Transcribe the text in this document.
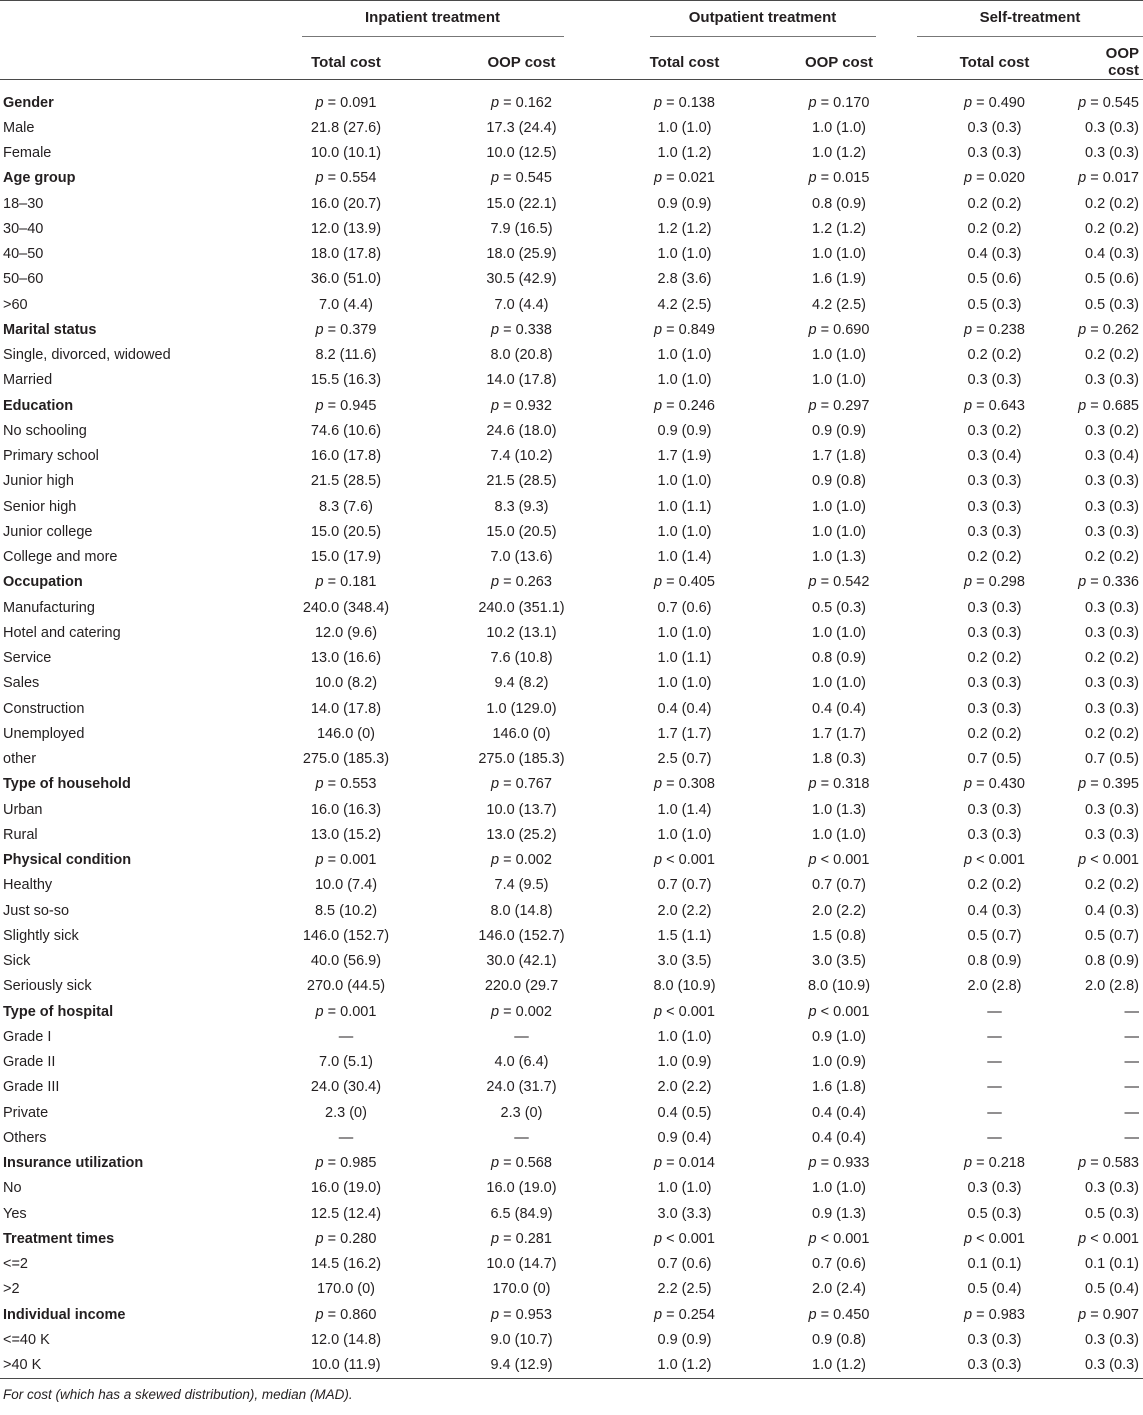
	Inpatient treatment		Outpatient treatment		Self-treatment	
	Total cost	OOP cost	Total cost	OOP cost	Total cost	OOP cost

Gender	p = 0.091	p = 0.162	p = 0.138	p = 0.170	p = 0.490	p = 0.545
Male	21.8 (27.6)	17.3 (24.4)	1.0 (1.0)	1.0 (1.0)	0.3 (0.3)	0.3 (0.3)
Female	10.0 (10.1)	10.0 (12.5)	1.0 (1.2)	1.0 (1.2)	0.3 (0.3)	0.3 (0.3)
Age group	p = 0.554	p = 0.545	p = 0.021	p = 0.015	p = 0.020	p = 0.017
18–30	16.0 (20.7)	15.0 (22.1)	0.9 (0.9)	0.8 (0.9)	0.2 (0.2)	0.2 (0.2)
30–40	12.0 (13.9)	7.9 (16.5)	1.2 (1.2)	1.2 (1.2)	0.2 (0.2)	0.2 (0.2)
40–50	18.0 (17.8)	18.0 (25.9)	1.0 (1.0)	1.0 (1.0)	0.4 (0.3)	0.4 (0.3)
50–60	36.0 (51.0)	30.5 (42.9)	2.8 (3.6)	1.6 (1.9)	0.5 (0.6)	0.5 (0.6)
>60	7.0 (4.4)	7.0 (4.4)	4.2 (2.5)	4.2 (2.5)	0.5 (0.3)	0.5 (0.3)
Marital status	p = 0.379	p = 0.338	p = 0.849	p = 0.690	p = 0.238	p = 0.262
Single, divorced, widowed	8.2 (11.6)	8.0 (20.8)	1.0 (1.0)	1.0 (1.0)	0.2 (0.2)	0.2 (0.2)
Married	15.5 (16.3)	14.0 (17.8)	1.0 (1.0)	1.0 (1.0)	0.3 (0.3)	0.3 (0.3)
Education	p = 0.945	p = 0.932	p = 0.246	p = 0.297	p = 0.643	p = 0.685
No schooling	74.6 (10.6)	24.6 (18.0)	0.9 (0.9)	0.9 (0.9)	0.3 (0.2)	0.3 (0.2)
Primary school	16.0 (17.8)	7.4 (10.2)	1.7 (1.9)	1.7 (1.8)	0.3 (0.4)	0.3 (0.4)
Junior high	21.5 (28.5)	21.5 (28.5)	1.0 (1.0)	0.9 (0.8)	0.3 (0.3)	0.3 (0.3)
Senior high	8.3 (7.6)	8.3 (9.3)	1.0 (1.1)	1.0 (1.0)	0.3 (0.3)	0.3 (0.3)
Junior college	15.0 (20.5)	15.0 (20.5)	1.0 (1.0)	1.0 (1.0)	0.3 (0.3)	0.3 (0.3)
College and more	15.0 (17.9)	7.0 (13.6)	1.0 (1.4)	1.0 (1.3)	0.2 (0.2)	0.2 (0.2)
Occupation	p = 0.181	p = 0.263	p = 0.405	p = 0.542	p = 0.298	p = 0.336
Manufacturing	240.0 (348.4)	240.0 (351.1)	0.7 (0.6)	0.5 (0.3)	0.3 (0.3)	0.3 (0.3)
Hotel and catering	12.0 (9.6)	10.2 (13.1)	1.0 (1.0)	1.0 (1.0)	0.3 (0.3)	0.3 (0.3)
Service	13.0 (16.6)	7.6 (10.8)	1.0 (1.1)	0.8 (0.9)	0.2 (0.2)	0.2 (0.2)
Sales	10.0 (8.2)	9.4 (8.2)	1.0 (1.0)	1.0 (1.0)	0.3 (0.3)	0.3 (0.3)
Construction	14.0 (17.8)	1.0 (129.0)	0.4 (0.4)	0.4 (0.4)	0.3 (0.3)	0.3 (0.3)
Unemployed	146.0 (0)	146.0 (0)	1.7 (1.7)	1.7 (1.7)	0.2 (0.2)	0.2 (0.2)
other	275.0 (185.3)	275.0 (185.3)	2.5 (0.7)	1.8 (0.3)	0.7 (0.5)	0.7 (0.5)
Type of household	p = 0.553	p = 0.767	p = 0.308	p = 0.318	p = 0.430	p = 0.395
Urban	16.0 (16.3)	10.0 (13.7)	1.0 (1.4)	1.0 (1.3)	0.3 (0.3)	0.3 (0.3)
Rural	13.0 (15.2)	13.0 (25.2)	1.0 (1.0)	1.0 (1.0)	0.3 (0.3)	0.3 (0.3)
Physical condition	p = 0.001	p = 0.002	p < 0.001	p < 0.001	p < 0.001	p < 0.001
Healthy	10.0 (7.4)	7.4 (9.5)	0.7 (0.7)	0.7 (0.7)	0.2 (0.2)	0.2 (0.2)
Just so-so	8.5 (10.2)	8.0 (14.8)	2.0 (2.2)	2.0 (2.2)	0.4 (0.3)	0.4 (0.3)
Slightly sick	146.0 (152.7)	146.0 (152.7)	1.5 (1.1)	1.5 (0.8)	0.5 (0.7)	0.5 (0.7)
Sick	40.0 (56.9)	30.0 (42.1)	3.0 (3.5)	3.0 (3.5)	0.8 (0.9)	0.8 (0.9)
Seriously sick	270.0 (44.5)	220.0 (29.7	8.0 (10.9)	8.0 (10.9)	2.0 (2.8)	2.0 (2.8)
Type of hospital	p = 0.001	p = 0.002	p < 0.001	p < 0.001	—	—
Grade I	—	—	1.0 (1.0)	0.9 (1.0)	—	—
Grade II	7.0 (5.1)	4.0 (6.4)	1.0 (0.9)	1.0 (0.9)	—	—
Grade III	24.0 (30.4)	24.0 (31.7)	2.0 (2.2)	1.6 (1.8)	—	—
Private	2.3 (0)	2.3 (0)	0.4 (0.5)	0.4 (0.4)	—	—
Others	—	—	0.9 (0.4)	0.4 (0.4)	—	—
Insurance utilization	p = 0.985	p = 0.568	p = 0.014	p = 0.933	p = 0.218	p = 0.583
No	16.0 (19.0)	16.0 (19.0)	1.0 (1.0)	1.0 (1.0)	0.3 (0.3)	0.3 (0.3)
Yes	12.5 (12.4)	6.5 (84.9)	3.0 (3.3)	0.9 (1.3)	0.5 (0.3)	0.5 (0.3)
Treatment times	p = 0.280	p = 0.281	p < 0.001	p < 0.001	p < 0.001	p < 0.001
<=2	14.5 (16.2)	10.0 (14.7)	0.7 (0.6)	0.7 (0.6)	0.1 (0.1)	0.1 (0.1)
>2	170.0 (0)	170.0 (0)	2.2 (2.5)	2.0 (2.4)	0.5 (0.4)	0.5 (0.4)
Individual income	p = 0.860	p = 0.953	p = 0.254	p = 0.450	p = 0.983	p = 0.907
<=40 K	12.0 (14.8)	9.0 (10.7)	0.9 (0.9)	0.9 (0.8)	0.3 (0.3)	0.3 (0.3)
>40 K	10.0 (11.9)	9.4 (12.9)	1.0 (1.2)	1.0 (1.2)	0.3 (0.3)	0.3 (0.3)
For cost (which has a skewed distribution), median (MAD).
